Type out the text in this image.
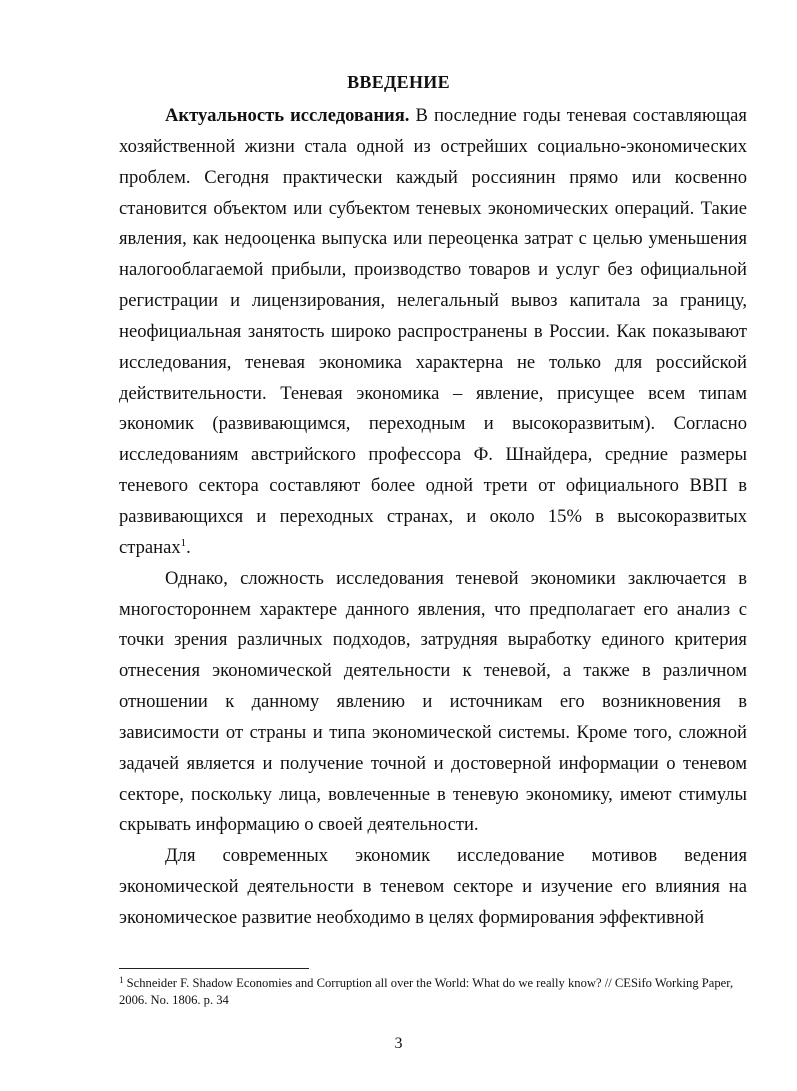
ВВЕДЕНИЕ

Актуальность исследования. В последние годы теневая составляющая хозяйственной жизни стала одной из острейших социально-экономических проблем. Сегодня практически каждый россиянин прямо или косвенно становится объектом или субъектом теневых экономических операций. Такие явления, как недооценка выпуска или переоценка затрат с целью уменьшения налогооблагаемой прибыли, производство товаров и услуг без официальной регистрации и лицензирования, нелегальный вывоз капитала за границу, неофициальная занятость широко распространены в России. Как показывают исследования, теневая экономика характерна не только для российской действительности. Теневая экономика – явление, присущее всем типам экономик (развивающимся, переходным и высокоразвитым). Согласно исследованиям австрийского профессора Ф. Шнайдера, средние размеры теневого сектора составляют более одной трети от официального ВВП в развивающихся и переходных странах, и около 15% в высокоразвитых странах$^1$.

Однако, сложность исследования теневой экономики заключается в многостороннем характере данного явления, что предполагает его анализ с точки зрения различных подходов, затрудняя выработку единого критерия отнесения экономической деятельности к теневой, а также в различном отношении к данному явлению и источникам его возникновения в зависимости от страны и типа экономической системы. Кроме того, сложной задачей является и получение точной и достоверной информации о теневом секторе, поскольку лица, вовлеченные в теневую экономику, имеют стимулы скрывать информацию о своей деятельности.

Для современных экономик исследование мотивов ведения экономической деятельности в теневом секторе и изучение его влияния на экономическое развитие необходимо в целях формирования эффективной

$^1$ Schneider F. Shadow Economies and Corruption all over the World: What do we really know? // CESifo Working Paper, 2006. No. 1806. p. 34
3
